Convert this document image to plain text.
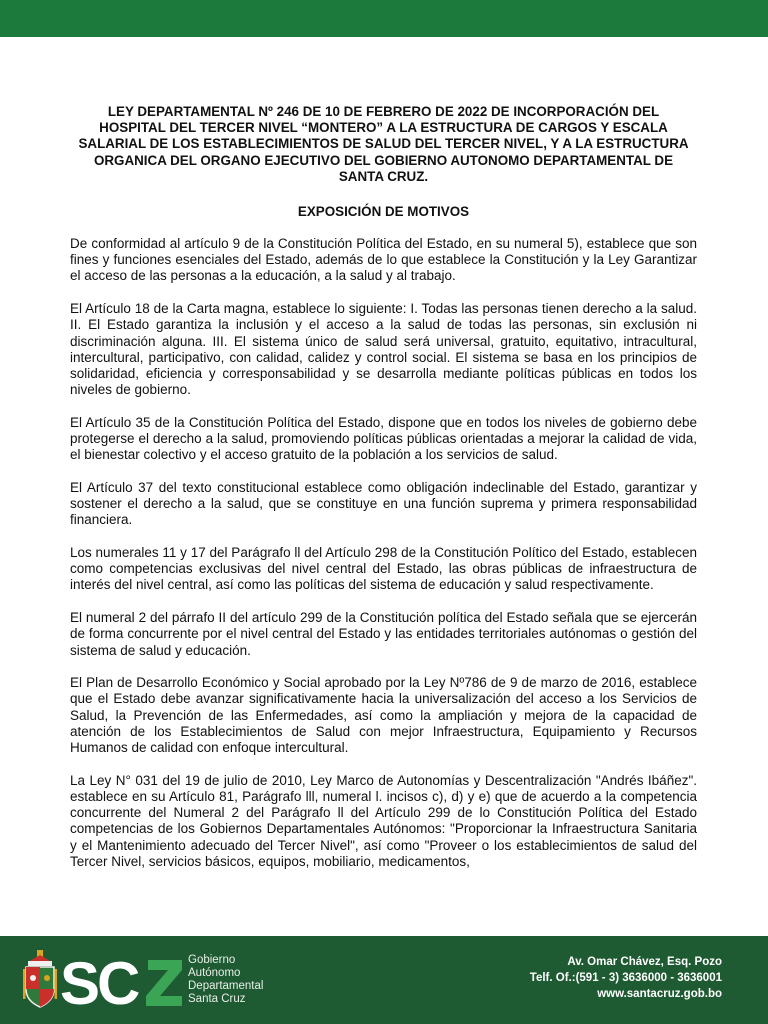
LEY DEPARTAMENTAL Nº 246 DE 10 DE FEBRERO DE 2022 DE INCORPORACIÓN DEL HOSPITAL DEL TERCER NIVEL “MONTERO” A LA ESTRUCTURA DE CARGOS Y ESCALA SALARIAL DE LOS ESTABLECIMIENTOS DE SALUD DEL TERCER NIVEL, Y A LA ESTRUCTURA ORGANICA DEL ORGANO EJECUTIVO DEL GOBIERNO AUTONOMO DEPARTAMENTAL DE SANTA CRUZ.
EXPOSICIÓN DE MOTIVOS

De conformidad al artículo 9 de la Constitución Política del Estado, en su numeral 5), establece que son fines y funciones esenciales del Estado, además de lo que establece la Constitución y la Ley Garantizar el acceso de las personas a la educación, a la salud y al trabajo.

El Artículo 18 de la Carta magna, establece lo siguiente: I. Todas las personas tienen derecho a la salud. II. El Estado garantiza la inclusión y el acceso a la salud de todas las personas, sin exclusión ni discriminación alguna. III. El sistema único de salud será universal, gratuito, equitativo, intracultural, intercultural, participativo, con calidad, calidez y control social. El sistema se basa en los principios de solidaridad, eficiencia y corresponsabilidad y se desarrolla mediante políticas públicas en todos los niveles de gobierno.

El Artículo 35 de la Constitución Política del Estado, dispone que en todos los niveles de gobierno debe protegerse el derecho a la salud, promoviendo políticas públicas orientadas a mejorar la calidad de vida, el bienestar colectivo y el acceso gratuito de la población a los servicios de salud.

El Artículo 37 del texto constitucional establece como obligación indeclinable del Estado, garantizar y sostener el derecho a la salud, que se constituye en una función suprema y primera responsabilidad financiera.

Los numerales 11 y 17 del Parágrafo ll del Artículo 298 de la Constitución Político del Estado, establecen como competencias exclusivas del nivel central del Estado, las obras públicas de infraestructura de interés del nivel central, así como las políticas del sistema de educación y salud respectivamente.

El numeral 2 del párrafo II del artículo 299 de la Constitución política del Estado señala que se ejercerán de forma concurrente por el nivel central del Estado y las entidades territoriales autónomas o gestión del sistema de salud y educación.

El Plan de Desarrollo Económico y Social aprobado por la Ley Nº786 de 9 de marzo de 2016, establece que el Estado debe avanzar significativamente hacia la universalización del acceso a los Servicios de Salud, la Prevención de las Enfermedades, así como la ampliación y mejora de la capacidad de atención de los Establecimientos de Salud con mejor Infraestructura, Equipamiento y Recursos Humanos de calidad con enfoque intercultural.

La Ley N° 031 del 19 de julio de 2010, Ley Marco de Autonomías y Descentralización "Andrés Ibáñez". establece en su Artículo 81, Parágrafo lll, numeral l. incisos c), d) y e) que de acuerdo a la competencia concurrente del Numeral 2 del Parágrafo ll del Artículo 299 de lo Constitución Política del Estado competencias de los Gobiernos Departamentales Autónomos: "Proporcionar la Infraestructura Sanitaria y el Mantenimiento adecuado del Tercer Nivel", así como "Proveer o los establecimientos de salud del Tercer Nivel, servicios básicos, equipos, mobiliario, medicamentos,

SC	Gobierno
Autónomo
Departamental
Santa Cruz
Av. Omar Chávez, Esq. Pozo
Telf. Of.:(591 - 3) 3636000 - 3636001
www.santacruz.gob.bo
